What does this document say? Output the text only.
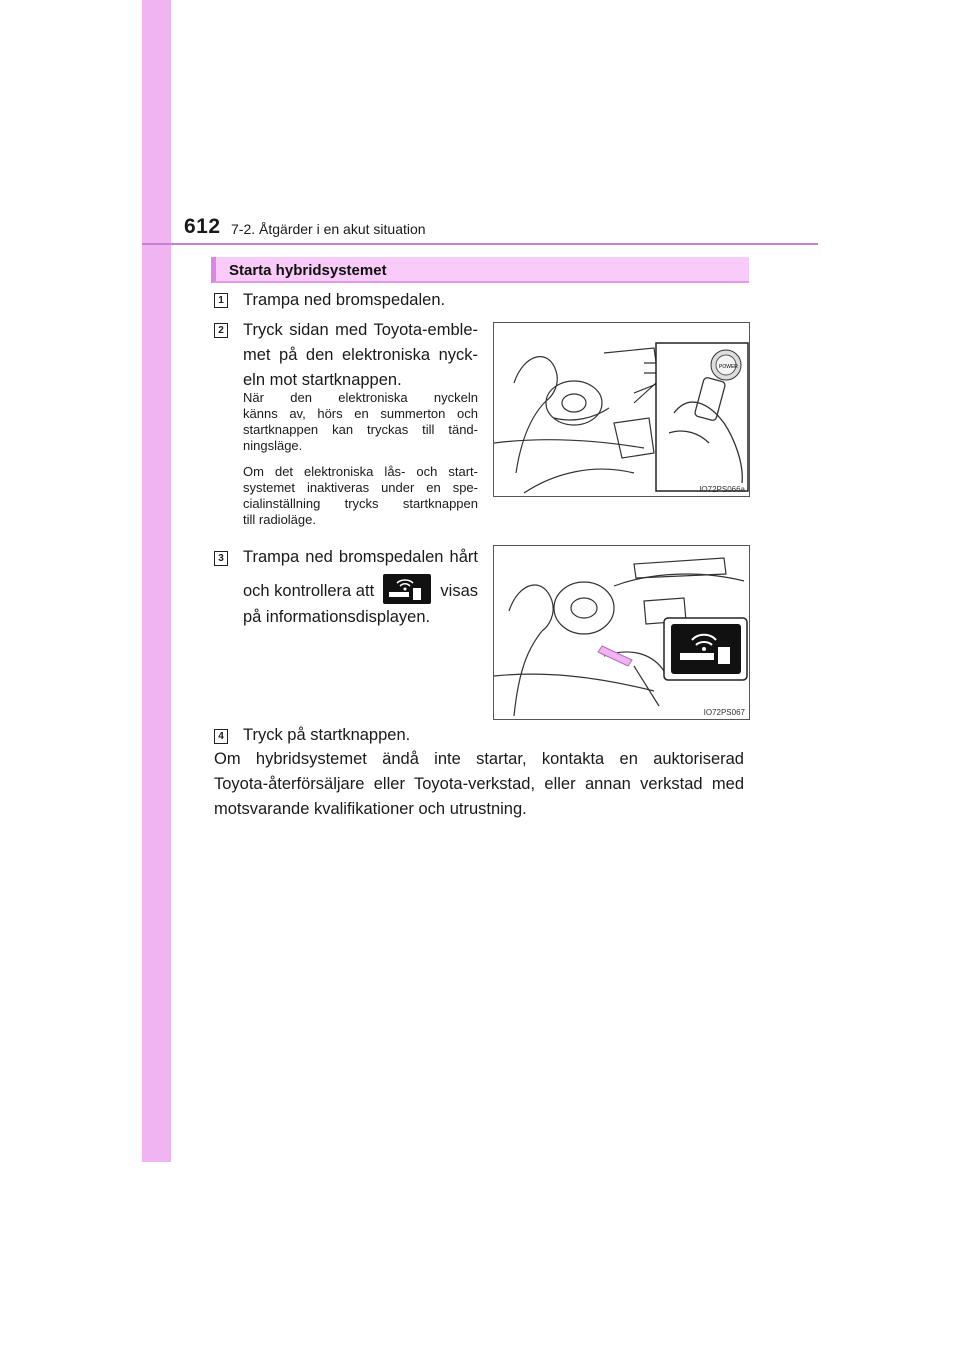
612 7-2. Åtgärder i en akut situation
Starta hybridsystemet
1 Trampa ned bromspedalen.
2 Tryck sidan med Toyota-emble-
met på den elektroniska nyck-
eln mot startknappen.
När den elektroniska nyckeln
känns av, hörs en summerton och
startknappen kan tryckas till tänd-
ningsläge.
Om det elektroniska lås- och start-
systemet inaktiveras under en spe-
cialinställning trycks startknappen
till radioläge.
POWER
IO72PS066a
3 Trampa ned bromspedalen hårt
och kontrollera att	visas
på informationsdisplayen.
IO72PS067
4 Tryck på startknappen.
Om hybridsystemet ändå inte startar, kontakta en auktoriserad
Toyota-återförsäljare eller Toyota-verkstad, eller annan verkstad med
motsvarande kvalifikationer och utrustning.
